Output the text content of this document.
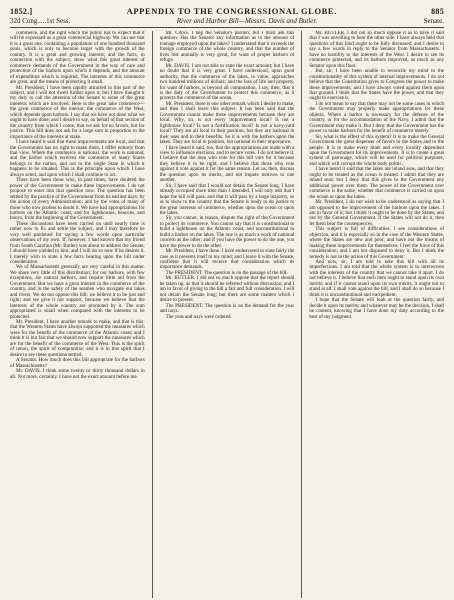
1852.]	APPENDIX TO THE CONGRESSIONAL GLOBE.	885
32d Cong.....1st Sess.	River and Harbor Bill—Messrs. Davis and Butler.	Senate.

commerce, and the right which the public has to expect that it will be expressed as a great commercial highway. We can see that it is a great one, containing a population of one hundred thousand souls, which is only to become larger with the growth of the country. It is a great and growing interest; and the facts, in connection with the subject, show what this great interest of commerce demands of the Government in the way of care and protection of the harbors upon which it depends, and the amount of expenditure which is required. The interests of this commerce are great, and the means of protecting it small.

Mr. President, I have been rapidly attracted to this part of the subject, and I will not dwell further upon it; but I have thought it my duty to call the attention of the Senate to some of the great interests which are involved. Here is the great lake commerce—the great commerce of the interior, the commerce of the West, which depends upon harbors. I say that we have not done what we ought to have done; and I desire to say, on behalf of that section of the country from which I come, that we ask for no favors, but for justice. This bill does not ask for a large sum in proportion to the importance of the interests at stake.

I have heard it said that these improvements are local, and that the Government has no right to make them. I differ entirely from that view. Where the commerce is national, the work is national; and the harbor which receives the commerce of many States belongs to the nation, and not to the single State in which it happens to be situated. This is the principle upon which I have always acted, and upon which I shall continue to act.

There have been those who, in past times, have doubted the power of the Government to make these improvements. I do not propose to enter into that question now. The question has been settled by the practice of the Government from its earliest days; by the action of every Administration; and by the votes of many of those who now profess to doubt it. We have had appropriations for harbors on the Atlantic coast, and for lighthouses, beacons, and buoys, from the beginning of the Government.

These discussions have been carried on until nearly time is rather now to fix and settle the subject, and I may therefore be very well pardoned for saying a few words upon particular observations of my own. If, however, I had known that my friend from South Carolina (Mr. Butler) was about to address the Senate, I should have yielded to him, and I will do so now if he desires it. I merely wish to state a few facts bearing upon the bill under consideration.

We of Massachusetts generally are very careful in this matter. We share very little of this distribution; for our harbors, with few exceptions, are natural harbors, and require little aid from the Government. But we have a great interest in the commerce of the country, and in the safety of the seamen who navigate our lakes and rivers. We do not oppose this bill; we believe it to be just and right; and we give it our support, because we believe that the interests of the whole country are promoted by it. The sum appropriated is small when compared with the interests to be protected.

Mr. President, I have another remark to make, and that is this: that the Western States have always supported the measures which were for the benefit of the commerce of the Atlantic coast; and I think it is but fair that we should now support the measures which are for the benefit of the commerce of the West. This is the spirit of union, the spirit of compromise; and it is in this spirit that I desire to see these questions settled.

A Senator. How much does this bill appropriate for the harbors of Massachusetts?

Mr. DAVIS. I think some twenty or thirty thousand dollars in all. Not more, certainly. I have not the exact amount before me.

Mr. CASS. I beg the Senator's pardon; but I must ask this question: Has the Senator any information as to the amount of tonnage employed upon the lakes? I understand that it exceeds the foreign commerce of the whole country, and that the number of lives lost annually is very great, for want of proper harbors of refuge.

Mr. DAVIS. I am not able to state the exact amount; but I have no doubt that it is very great. I have understood, upon good authority, that the commerce of the lakes, in value, approaches two hundred millions of dollars; and the loss of life and property, for want of harbors, is beyond all computation. I say, then, that it is the duty of the Government to protect this commerce, as it protects the commerce of the ocean.

Mr. President, there is one other remark which I desire to make, and then I shall leave this subject. It has been said that the Government cannot make these improvements because they are local. Why, sir, is not every improvement local? Is not a lighthouse local? Is not a fortification local? Is not a navy-yard local? They are all local in their position, but they are national in their uses and in their benefits. So it is with the harbors upon the lakes. They are local in position, but national in their importance.

I have heard it said, too, that the appropriations are made with a view to influence elections, and to secure votes. I do not believe it. I believe that the men who vote for this bill vote for it because they believe it to be right; and I believe that those who vote against it vote against it for the same reason. Let us, then, discuss the question upon its merits, and not impute motives to one another.

Sir, I have said that I would not detain the Senate long. I have already occupied more time than I intended. I will only add that I hope the bill will pass, and that it will pass by a large majority, so as to show to the country that the Senate is ready to do justice to the great interests of commerce, whether upon the ocean or upon the lakes.

Sir, you cannot, in reason, dispute the right of the Government to protect its commerce. You cannot say that it is constitutional to build a lighthouse on the Atlantic coast, and unconstitutional to build a harbor on the lakes. The one is as much a work of national concern as the other; and if you have the power to do the one, you have the power to do the other.

Mr. President, I have done. I have endeavored to state fairly the case as it presents itself to my mind; and I leave it with the Senate, confident that it will receive that consideration which its importance demands.

The PRESIDENT. The question is on the passage of the bill.

Mr. BUTLER. I did not so much oppose that the report should be taken up, as that it should be referred without discussion; and I am in favor of giving to the bill a fair and full consideration. I will not detain the Senate long; but there are some matters which I desire to present.

The PRESIDENT. The question is on the demand for the yeas and nays.

The yeas and nays were ordered.

Mr. BUTLER. I did not so much oppose it as to have it said that I was unwilling to hear the other side. I have always held that questions of this kind ought to be fully discussed; and I desire to say a few words in reply to the Senator from Massachusetts. I have no hostility to the interests of the West. I desire to see its commerce protected, and its harbors improved, as much as any Senator upon this floor.

But, sir, I have been unable to reconcile my mind to the constitutionality of this system of internal improvements. I do not believe that the Constitution gives to Congress the power to make these improvements; and I have always voted against them upon that ground. I think that the States have the power, and that they ought to exercise it.

I do not mean to say that there may not be some cases in which the Government may properly make appropriations for these objects. Where a harbor is necessary for the defense of the country, or for the accommodation of the Navy, I admit that the Government may make it. But I deny that the Government has the power to make harbors for the benefit of commerce merely.

Sir, what is the effect of this system? It is to make the General Government the great dispenser of favors to the States and to the people. It is to make every State and every locality dependent upon the Government for its improvements. It is to create a great system of patronage, which will be used for political purposes, and which will corrupt the whole body politic.

I have heard it said that the lakes are inland seas, and that they ought to be treated as the ocean is treated. I admit that they are inland seas; but I deny that this gives to the Government any additional power over them. The power of the Government over commerce is the same, whether that commerce is carried on upon the ocean or upon the lakes.

Mr. President, I do not wish to be understood as saying that I am opposed to the improvement of the harbors upon the lakes. I am in favor of it; but I think it ought to be done by the States, and not by the General Government. If the States will not do it, then let them bear the consequences.

This subject is full of difficulties. I see considerations of objection, and it is especially so in the case of the Western States, where the States are new and poor, and have not the means of making these improvements for themselves. I feel the force of this consideration; and I am not disposed to deny it. But I think the remedy is not in the action of this Government.

And now, sir, I am told to take this bill with all its imperfections. I am told that the whole system is so interwoven with the interests of the country that we cannot take it apart. I do not believe it. I believe that each item ought to stand upon its own merits; and if it cannot stand upon its own merits, it ought not to stand at all. I shall vote against the bill, and I shall do so because I think it is unconstitutional and inexpedient.

I hope that the Senate will look at the question fairly, and decide it upon its merits; and whatever may be the decision, I shall be content, knowing that I have done my duty according to the best of my judgment.
